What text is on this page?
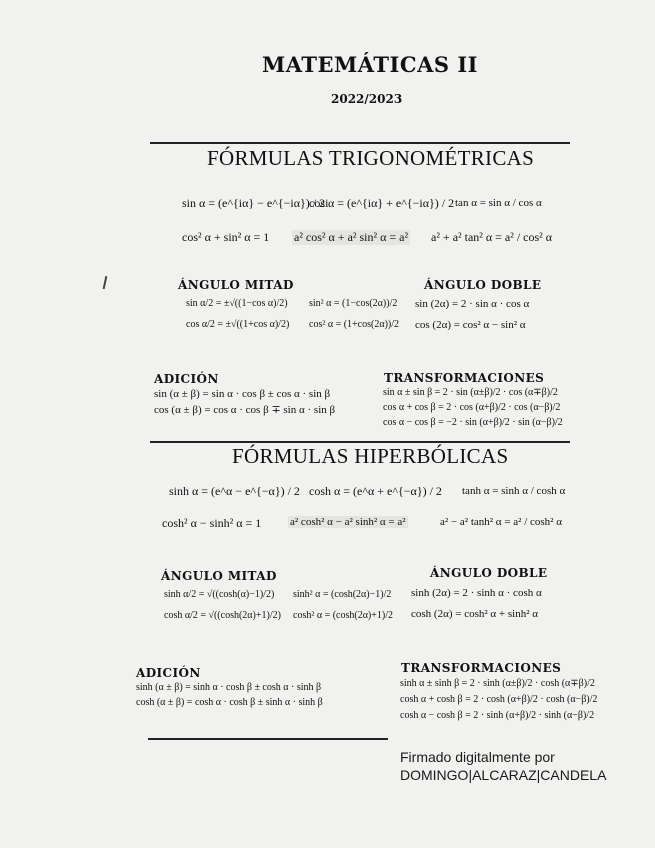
MATEMÁTICAS II
2022/2023
FÓRMULAS TRIGONOMÉTRICAS
sin α = (e^{iα} − e^{−iα}) / 2i
cos α = (e^{iα} + e^{−iα}) / 2 tan α = sin α / cos α
cos² α + sin² α = 1 a² cos² α + a² sin² α = a² a² + a² tan² α = a² / cos² α
ÁNGULO MITAD
sin α/2 = ±√((1−cos α)/2)
cos α/2 = ±√((1+cos α)/2)
sin² α = (1−cos(2α))/2
cos² α = (1+cos(2α))/2
ÁNGULO DOBLE
sin (2α) = 2 · sin α · cos α
cos (2α) = cos² α − sin² α
ADICIÓN
sin (α ± β) = sin α · cos β ± cos α · sin β
cos (α ± β) = cos α · cos β ∓ sin α · sin β
TRANSFORMACIONES
sin α ± sin β = 2 · sin (α±β)/2 · cos (α∓β)/2
cos α + cos β = 2 · cos (α+β)/2 · cos (α−β)/2
cos α − cos β = −2 · sin (α+β)/2 · sin (α−β)/2
FÓRMULAS HIPERBÓLICAS
sinh α = (e^α − e^{−α}) / 2 cosh α = (e^α + e^{−α}) / 2 tanh α = sinh α / cosh α
cosh² α − sinh² α = 1	a² cosh² α − a² sinh² α = a²	a² − a² tanh² α = a² / cosh² α
ÁNGULO MITAD
sinh α/2 = √((cosh(α)−1)/2)
cosh α/2 = √((cosh(2α)+1)/2)
sinh² α = (cosh(2α)−1)/2
cosh² α = (cosh(2α)+1)/2
ÁNGULO DOBLE
sinh (2α) = 2 · sinh α · cosh α
cosh (2α) = cosh² α + sinh² α
ADICIÓN
sinh (α ± β) = sinh α · cosh β ± cosh α · sinh β
cosh (α ± β) = cosh α · cosh β ± sinh α · sinh β
TRANSFORMACIONES
sinh α ± sinh β = 2 · sinh (α±β)/2 · cosh (α∓β)/2
cosh α + cosh β = 2 · cosh (α+β)/2 · cosh (α−β)/2
cosh α − cosh β = 2 · sinh (α+β)/2 · sinh (α−β)/2
Firmado digitalmente por
DOMINGO|ALCARAZ|CANDELA
